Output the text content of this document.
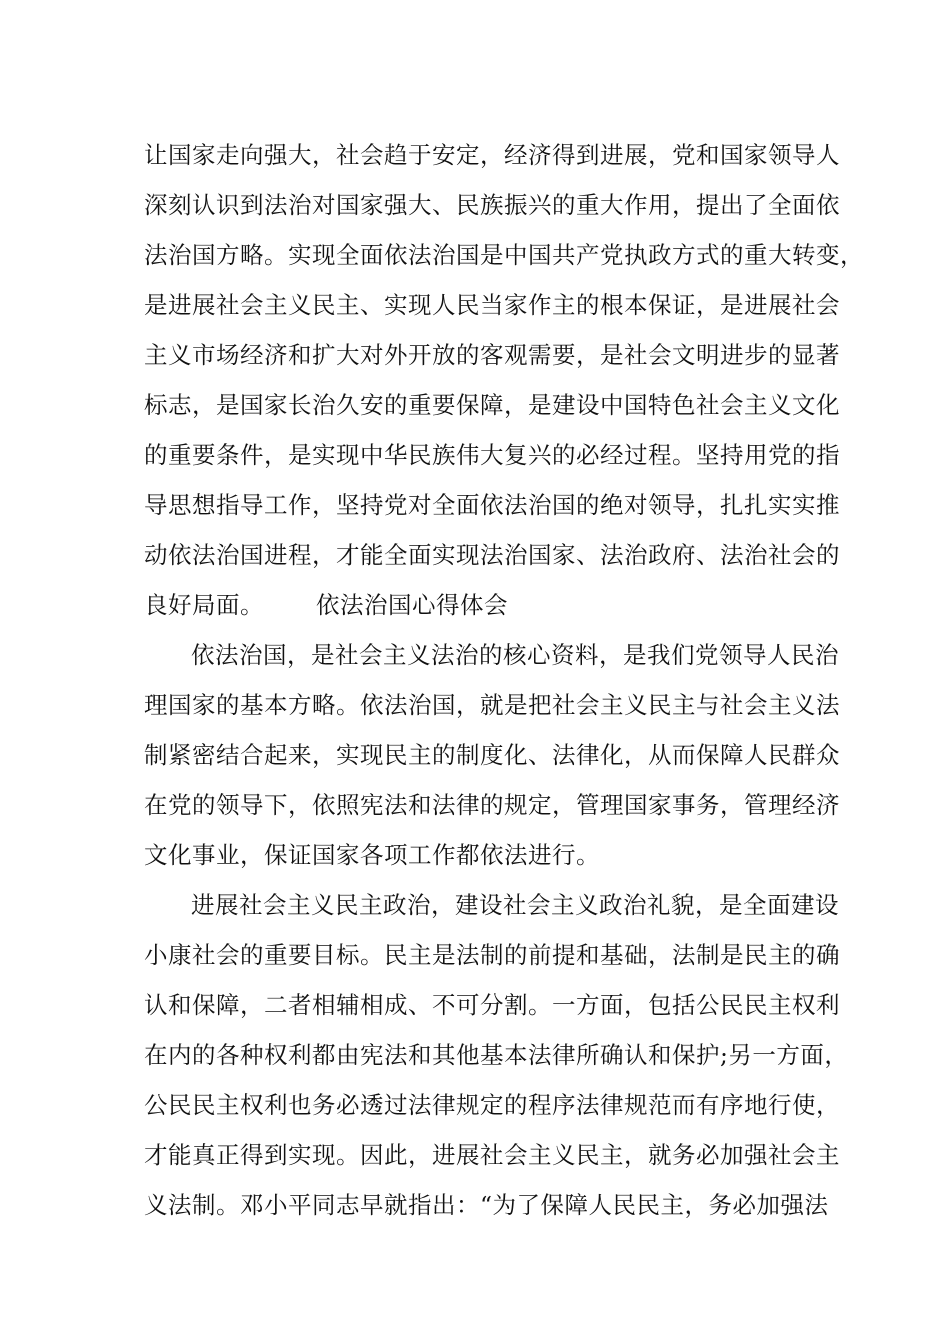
让国家走向强大，社会趋于安定，经济得到进展，党和国家领导人
深刻认识到法治对国家强大、民族振兴的重大作用，提出了全面依
法治国方略。实现全面依法治国是中国共产党执政方式的重大转变，
是进展社会主义民主、实现人民当家作主的根本保证，是进展社会
主义市场经济和扩大对外开放的客观需要，是社会文明进步的显著
标志，是国家长治久安的重要保障，是建设中国特色社会主义文化
的重要条件，是实现中华民族伟大复兴的必经过程。坚持用党的指
导思想指导工作，坚持党对全面依法治国的绝对领导，扎扎实实推
动依法治国进程，才能全面实现法治国家、法治政府、法治社会的
良好局面。 依法治国心得体会
依法治国，是社会主义法治的核心资料，是我们党领导人民治
理国家的基本方略。依法治国，就是把社会主义民主与社会主义法
制紧密结合起来，实现民主的制度化、法律化，从而保障人民群众
在党的领导下，依照宪法和法律的规定，管理国家事务，管理经济
文化事业，保证国家各项工作都依法进行。
进展社会主义民主政治，建设社会主义政治礼貌，是全面建设
小康社会的重要目标。民主是法制的前提和基础，法制是民主的确
认和保障，二者相辅相成、不可分割。一方面，包括公民民主权利
在内的各种权利都由宪法和其他基本法律所确认和保护;另一方面，
公民民主权利也务必透过法律规定的程序法律规范而有序地行使，
才能真正得到实现。因此，进展社会主义民主，就务必加强社会主
义法制。邓小平同志早就指出：“为了保障人民民主，务必加强法
